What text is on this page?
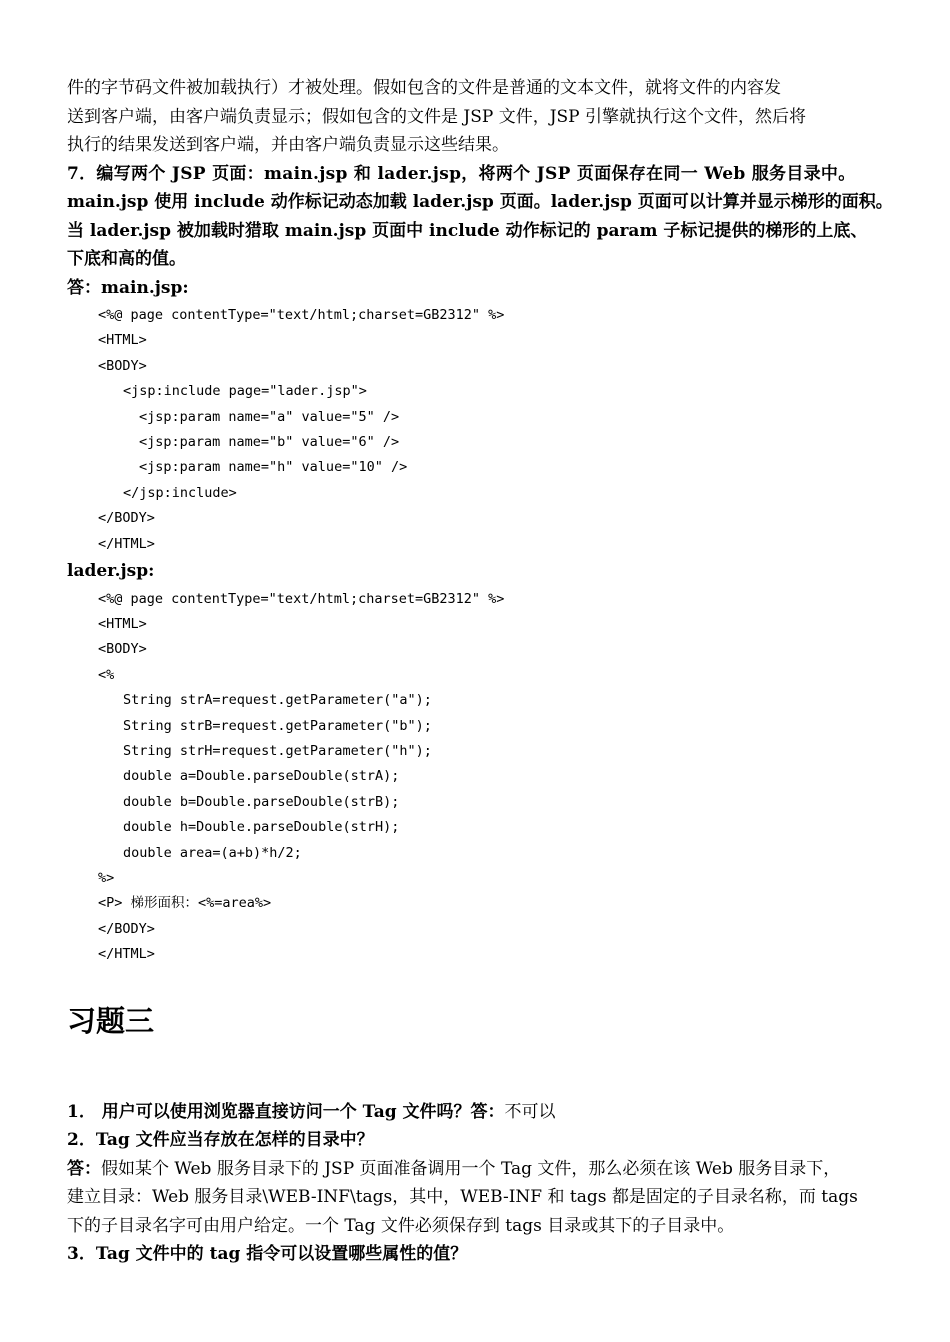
件的字节码文件被加载执行）才被处理。假如包含的文件是普通的文本文件，就将文件的内容发

送到客户端，由客户端负责显示；假如包含的文件是 JSP 文件，JSP 引擎就执行这个文件，然后将

执行的结果发送到客户端，并由客户端负责显示这些结果。

7．编写两个 JSP 页面：main.jsp 和 lader.jsp，将两个 JSP 页面保存在同一 Web 服务目录中。

main.jsp 使用 include 动作标记动态加载 lader.jsp 页面。lader.jsp 页面可以计算并显示梯形的面积。

当 lader.jsp 被加载时猎取 main.jsp 页面中 include 动作标记的 param 子标记提供的梯形的上底、

下底和高的值。

答：main.jsp:

<%@ page contentType="text/html;charset=GB2312" %>

<HTML>

<BODY>

<jsp:include page="lader.jsp">

<jsp:param name="a" value="5" />

<jsp:param name="b" value="6" />

<jsp:param name="h" value="10" />

</jsp:include>

</BODY>

</HTML>

lader.jsp:

<%@ page contentType="text/html;charset=GB2312" %>

<HTML>

<BODY>

<%

String strA=request.getParameter("a");

String strB=request.getParameter("b");

String strH=request.getParameter("h");

double a=Double.parseDouble(strA);

double b=Double.parseDouble(strB);

double h=Double.parseDouble(strH);

double area=(a+b)*h/2;

%>

<P> 梯形面积：<%=area%>

</BODY>

</HTML>

习题三

1． 用户可以使用浏览器直接访问一个 Tag 文件吗？答：不可以

2．Tag 文件应当存放在怎样的目录中？

答：假如某个 Web 服务目录下的 JSP 页面准备调用一个 Tag 文件，那么必须在该 Web 服务目录下，

建立目录：Web 服务目录\WEB-INF\tags，其中，WEB-INF 和 tags 都是固定的子目录名称，而 tags

下的子目录名字可由用户给定。一个 Tag 文件必须保存到 tags 目录或其下的子目录中。

3．Tag 文件中的 tag 指令可以设置哪些属性的值？
